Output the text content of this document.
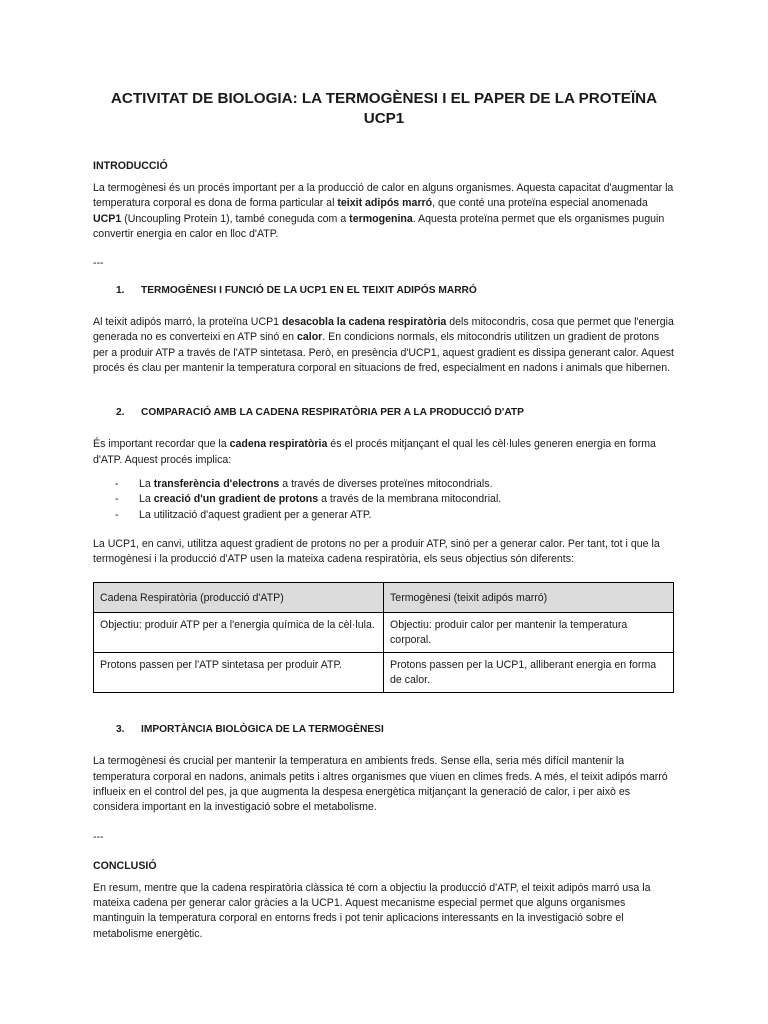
ACTIVITAT DE BIOLOGIA: LA TERMOGÈNESI I EL PAPER DE LA PROTEÏNA UCP1
INTRODUCCIÓ

La termogènesi és un procés important per a la producció de calor en alguns organismes. Aquesta capacitat d'augmentar la temperatura corporal es dona de forma particular al teixit adipós marró, que conté una proteïna especial anomenada UCP1 (Uncoupling Protein 1), també coneguda com a termogenina. Aquesta proteïna permet que els organismes puguin convertir energia en calor en lloc d'ATP.

---
1.	TERMOGÈNESI I FUNCIÓ DE LA UCP1 EN EL TEIXIT ADIPÓS MARRÓ

Al teixit adipós marró, la proteïna UCP1 desacobla la cadena respiratòria dels mitocondris, cosa que permet que l'energia generada no es converteixi en ATP sinó en calor. En condicions normals, els mitocondris utilitzen un gradient de protons per a produir ATP a través de l'ATP sintetasa. Però, en presència d'UCP1, aquest gradient es dissipa generant calor. Aquest procés és clau per mantenir la temperatura corporal en situacions de fred, especialment en nadons i animals que hibernen.

2.	COMPARACIÓ AMB LA CADENA RESPIRATÒRIA PER A LA PRODUCCIÓ D'ATP

És important recordar que la cadena respiratòria és el procés mitjançant el qual les cèl·lules generen energia en forma d'ATP. Aquest procés implica:

-	La transferència d'electrons a través de diverses proteïnes mitocondrials.
-	La creació d'un gradient de protons a través de la membrana mitocondrial.
-	La utilització d'aquest gradient per a generar ATP.

La UCP1, en canvi, utilitza aquest gradient de protons no per a produir ATP, sinó per a generar calor. Per tant, tot i que la termogènesi i la producció d'ATP usen la mateixa cadena respiratòria, els seus objectius són diferents:

Cadena Respiratòria (producció d'ATP)	Termogènesi (teixit adipós marró)
Objectiu: produir ATP per a l'energia química de la cèl·lula.	Objectiu: produir calor per mantenir la temperatura corporal.
Protons passen per l'ATP sintetasa per produir ATP.	Protons passen per la UCP1, alliberant energia en forma de calor.
3.	IMPORTÀNCIA BIOLÒGICA DE LA TERMOGÈNESI

La termogènesi és crucial per mantenir la temperatura en ambients freds. Sense ella, seria més difícil mantenir la temperatura corporal en nadons, animals petits i altres organismes que viuen en climes freds. A més, el teixit adipós marró influeix en el control del pes, ja que augmenta la despesa energètica mitjançant la generació de calor, i per això es considera important en la investigació sobre el metabolisme.

---
CONCLUSIÓ

En resum, mentre que la cadena respiratòria clàssica té com a objectiu la producció d'ATP, el teixit adipós marró usa la mateixa cadena per generar calor gràcies a la UCP1. Aquest mecanisme especial permet que alguns organismes mantinguin la temperatura corporal en entorns freds i pot tenir aplicacions interessants en la investigació sobre el metabolisme energètic.
